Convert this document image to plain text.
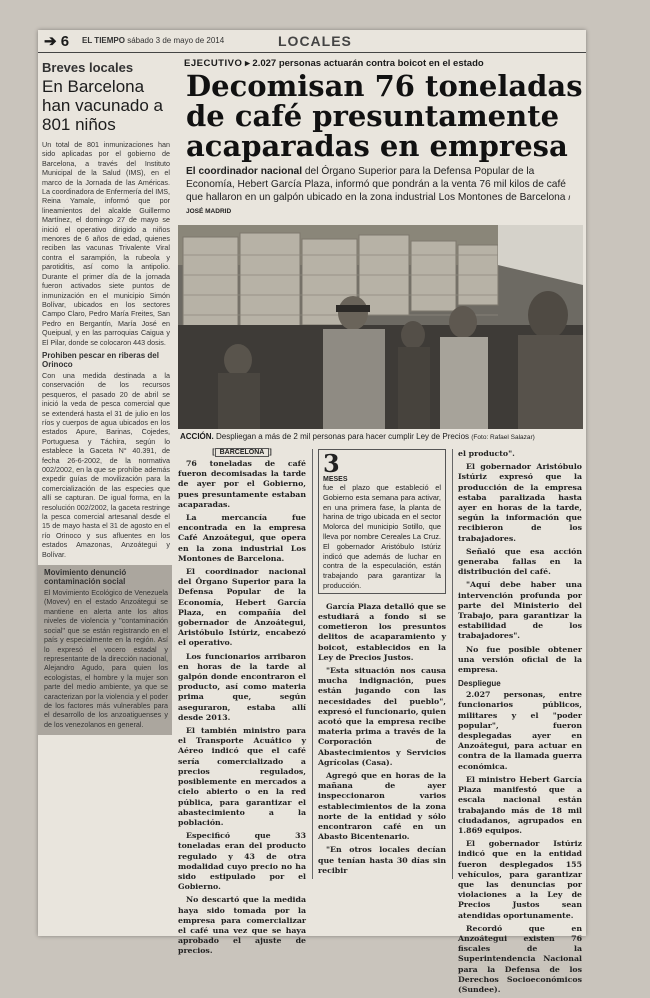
➔ 6 EL TIEMPO sábado 3 de mayo de 2014	LOCALES
Breves locales
En Barcelona han vacunado a 801 niños

Un total de 801 inmunizaciones han sido aplicadas por el gobierno de Barcelona, a través del Instituto Municipal de la Salud (IMS), en el marco de la Jornada de las Américas. La coordinadora de Enfermería del IMS, Reina Yamale, informó que por lineamientos del alcalde Guillermo Martínez, el domingo 27 de mayo se inició el operativo dirigido a niños menores de 6 años de edad, quienes reciben las vacunas Trivalente Viral contra el sarampión, la rubeola y parotiditis, así como la antipolio. Durante el primer día de la jornada fueron activados siete puntos de inmunización en el municipio Simón Bolívar, ubicados en los sectores Campo Claro, Pedro María Freites, San Pedro en Bergantín, María José en Queipual, y en las parroquias Caigua y El Pilar, donde se colocaron 443 dosis.

Prohiben pescar en riberas del Orinoco

Con una medida destinada a la conservación de los recursos pesqueros, el pasado 20 de abril se inició la veda de pesca comercial que se extenderá hasta el 31 de julio en los ríos y cuerpos de agua ubicados en los estados Apure, Barinas, Cojedes, Portuguesa y Táchira, según lo establece la Gaceta N° 40.391, de fecha 26-6-2002, de la normativa 002/2002, en la que se prohíbe además expedir guías de movilización para la comercialización de las especies que allí se capturan. De igual forma, en la resolución 002/2002, la gaceta restringe la pesca comercial artesanal desde el 15 de mayo hasta el 31 de agosto en el río Orinoco y sus afluentes en los estados Amazonas, Anzoátegui y Bolívar.

Movimiento denunció contaminación social

El Movimiento Ecológico de Venezuela (Movev) en el estado Anzoátegui se mantiene en alerta ante los altos niveles de violencia y "contaminación social" que se están registrando en el país y especialmente en la región. Así lo expresó el vocero estadal y representante de la dirección nacional, Alejandro Agudo, para quien los ecologistas, el hombre y la mujer son parte del medio ambiente, ya que se caracterizan por la violencia y el poder de los factores más vulnerables para el desarrollo de los anzoatiguenses y de los venezolanos en general.

EJECUTIVO ▸ 2.027 personas actuarán contra boicot en el estado
Decomisan 76 toneladas de café presuntamente acaparadas en empresa
El coordinador nacional del Órgano Superior para la Defensa Popular de la Economía, Hebert García Plaza, informó que pondrán a la venta 76 mil kilos de café que hallaron en un galpón ubicado en la zona industrial Los Montones de Barcelona / JOSÉ MADRID
ACCIÓN. Despliegan a más de 2 mil personas para hacer cumplir Ley de Precios (Foto: Rafael Salazar)
[ BARCELONA ]

76 toneladas de café fueron decomisadas la tarde de ayer por el Gobierno, pues presuntamente estaban acaparadas.

La mercancía fue encontrada en la empresa Café Anzoátegui, que opera en la zona industrial Los Montones de Barcelona.

El coordinador nacional del Órgano Superior para la Defensa Popular de la Economía, Hebert García Plaza, en compañía del gobernador de Anzoátegui, Aristóbulo Istúriz, encabezó el operativo.

Los funcionarios arribaron en horas de la tarde al galpón donde encontraron el producto, así como materia prima que, según aseguraron, estaba allí desde 2013.

El también ministro para el Transporte Acuático y Aéreo indicó que el café sería comercializado a precios regulados, posiblemente en mercados a cielo abierto o en la red pública, para garantizar el abastecimiento a la población.

Especificó que 33 toneladas eran del producto regulado y 43 de otra modalidad cuyo precio no ha sido estipulado por el Gobierno.

No descartó que la medida haya sido tomada por la empresa para comercializar el café una vez que se haya aprobado el ajuste de precios.

3
MESES

fue el plazo que estableció el Gobierno esta semana para activar, en una primera fase, la planta de harina de trigo ubicada en el sector Molorca del municipio Sotillo, que lleva por nombre Cereales La Cruz. El gobernador Aristóbulo Istúriz indicó que además de luchar en contra de la especulación, están trabajando para garantizar la producción.

García Plaza detalló que se estudiará a fondo si se cometieron los presuntos delitos de acaparamiento y boicot, establecidos en la Ley de Precios Justos.

"Esta situación nos causa mucha indignación, pues están jugando con las necesidades del pueblo", expresó el funcionario, quien acotó que la empresa recibe materia prima a través de la Corporación de Abastecimientos y Servicios Agrícolas (Casa).

Agregó que en horas de la mañana de ayer inspeccionaron varios establecimientos de la zona norte de la entidad y sólo encontraron café en un Abasto Bicentenario.

"En otros locales decían que tenían hasta 30 días sin recibir

el producto".

El gobernador Aristóbulo Istúriz expresó que la producción de la empresa estaba paralizada hasta ayer en horas de la tarde, según la información que recibieron de los trabajadores.

Señaló que esa acción generaba fallas en la distribución del café.

"Aquí debe haber una intervención profunda por parte del Ministerio del Trabajo, para garantizar la estabilidad de los trabajadores".

No fue posible obtener una versión oficial de la empresa.

Despliegue

2.027 personas, entre funcionarios públicos, militares y el "poder popular", fueron desplegadas ayer en Anzoátegui, para actuar en contra de la llamada guerra económica.

El ministro Hebert García Plaza manifestó que a escala nacional están trabajando más de 18 mil ciudadanos, agrupados en 1.869 equipos.

El gobernador Istúriz indicó que en la entidad fueron desplegados 155 vehículos, para garantizar que las denuncias por violaciones a la Ley de Precios Justos sean atendidas oportunamente.

Recordó que en Anzoátegui existen 76 fiscales de la Superintendencia Nacional para la Defensa de los Derechos Socioeconómicos (Sundee).
